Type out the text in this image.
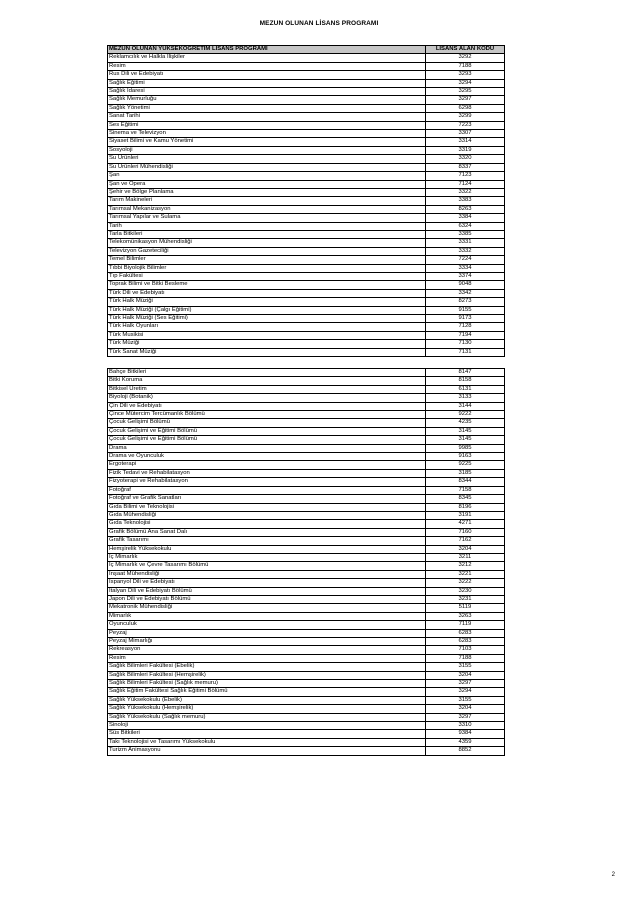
MEZUN OLUNAN LİSANS PROGRAMI
MEZUN OLUNAN YÜKSEKÖĞRETİM LİSANS PROGRAMI	LİSANS ALAN KODU
Reklamcılık ve Halkla İlişkiler	3292
Resim	7188
Rus Dili ve Edebiyatı	3293
Sağlık Eğitimi	3294
Sağlık İdaresi	3295
Sağlık Memurluğu	3297
Sağlık Yönetimi	6298
Sanat Tarihi	3299
Ses Eğitimi	7223
Sinema ve Televizyon	3307
Siyaset Bilimi ve Kamu Yönetimi	3314
Sosyoloji	3319
Su Ürünleri	3320
Su Ürünleri Mühendisliği	8337
Şan	7123
Şan ve Opera	7124
Şehir ve Bölge Planlama	3322
Tarım Makineleri	3383
Tarımsal Mekanizasyon	8263
Tarımsal Yapılar ve Sulama	3384
Tarih	6324
Tarla Bitkileri	3385
Telekomünikasyon Mühendisliği	3331
Televizyon Gazeteciliği	3332
Temel Bilimler	7224
Tıbbi Biyolojik Bilimler	3334
Tıp Fakültesi	3374
Toprak Bilimi ve Bitki Besleme	9048
Türk Dili ve Edebiyatı	3342
Türk Halk Müziği	8273
Türk Halk Müziği (Çalgı Eğitimi)	9155
Türk Halk Müziği (Ses Eğitimi)	9173
Türk Halk Oyunları	7128
Türk Musikisi	7194
Türk Müziği	7130
Türk Sanat Müziği	7131
Bahçe Bitkileri	8147
Bitki Koruma	8158
Bitkisel Üretim	6131
Biyoloji (Botanik)	3133
Çin Dili ve Edebiyatı	3144
Çince Mütercim Tercümanlık Bölümü	9222
Çocuk Gelişimi Bölümü	4235
Çocuk Gelişimi ve Eğitimi Bölümü	3145
Çocuk Gelişimi ve Eğitimi Bölümü	3145
Drama	9985
Drama ve Oyunculuk	9163
Ergoterapi	9225
Fizik Tedavi ve Rehabilatasyon	3185
Fizyoterapi ve Rehabilatasyon	8344
Fotoğraf	7158
Fotoğraf ve Grafik Sanatları	8345
Gıda Bilimi ve Teknolojisi	8196
Gıda Mühendisliği	3191
Gıda Teknolojisi	4271
Grafik Bölümü Ana Sanat Dalı	7160
Grafik Tasarımı	7162
Hemşirelik Yüksekokulu	3204
İç Mimarlık	3211
İç Mimarlık ve Çevre Tasarımı Bölümü	3212
İnşaat Mühendisliği	3221
İspanyol Dili ve Edebiyatı	3222
İtalyan Dili ve Edebiyatı Bölümü	3230
Japon Dili ve Edebiyatı Bölümü	3231
Mekatronik Mühendisliği	5119
Mimarlık	3263
Oyunculuk	7119
Peyzaj	6283
Peyzaj Mimarlığı	6283
Rekreasyon	7103
Resim	7188
Sağlık Bilimleri Fakültesi (Ebelik)	3155
Sağlık Bilimleri Fakültesi (Hemşirelik)	3204
Sağlık Bilimleri Fakültesi (Sağlık memuru)	3297
Sağlık Eğitim Fakültesi Sağlık Eğitimi Bölümü	3294
Sağlık Yüksekokulu (Ebelik)	3155
Sağlık Yüksekokulu (Hemşirelik)	3204
Sağlık Yüksekokulu (Sağlık memuru)	3297
Sinoloji	3310
Süs Bitkileri	9384
Takı Teknolojisi ve Tasarımı Yüksekokulu	4359
Turizm Animasyonu	8852
2
